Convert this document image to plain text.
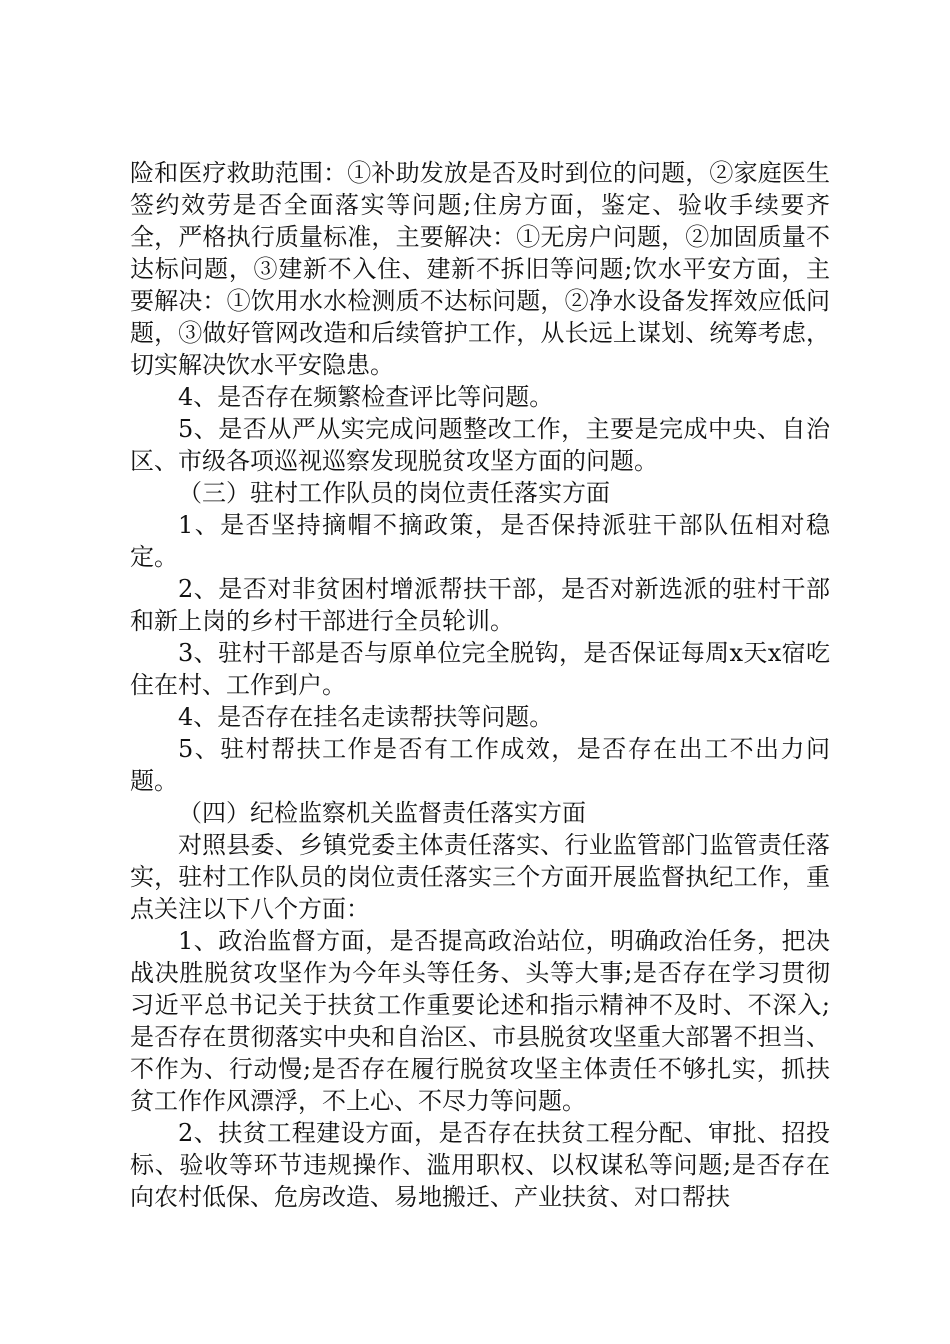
险和医疗救助范围：①补助发放是否及时到位的问题，②家庭医生签约效劳是否全面落实等问题;住房方面，鉴定、验收手续要齐全，严格执行质量标准，主要解决：①无房户问题，②加固质量不达标问题，③建新不入住、建新不拆旧等问题;饮水平安方面，主要解决：①饮用水水检测质不达标问题，②净水设备发挥效应低问题，③做好管网改造和后续管护工作，从长远上谋划、统筹考虑，切实解决饮水平安隐患。

4、是否存在频繁检查评比等问题。

5、是否从严从实完成问题整改工作，主要是完成中央、自治区、市级各项巡视巡察发现脱贫攻坚方面的问题。

（三）驻村工作队员的岗位责任落实方面

1、是否坚持摘帽不摘政策，是否保持派驻干部队伍相对稳定。

2、是否对非贫困村增派帮扶干部，是否对新选派的驻村干部和新上岗的乡村干部进行全员轮训。

3、驻村干部是否与原单位完全脱钩，是否保证每周x天x宿吃住在村、工作到户。

4、是否存在挂名走读帮扶等问题。

5、驻村帮扶工作是否有工作成效，是否存在出工不出力问题。

（四）纪检监察机关监督责任落实方面

对照县委、乡镇党委主体责任落实、行业监管部门监管责任落实，驻村工作队员的岗位责任落实三个方面开展监督执纪工作，重点关注以下八个方面：

1、政治监督方面，是否提高政治站位，明确政治任务，把决战决胜脱贫攻坚作为今年头等任务、头等大事;是否存在学习贯彻习近平总书记关于扶贫工作重要论述和指示精神不及时、不深入;是否存在贯彻落实中央和自治区、市县脱贫攻坚重大部署不担当、不作为、行动慢;是否存在履行脱贫攻坚主体责任不够扎实，抓扶贫工作作风漂浮，不上心、不尽力等问题。

2、扶贫工程建设方面，是否存在扶贫工程分配、审批、招投标、验收等环节违规操作、滥用职权、以权谋私等问题;是否存在向农村低保、危房改造、易地搬迁、产业扶贫、对口帮扶
